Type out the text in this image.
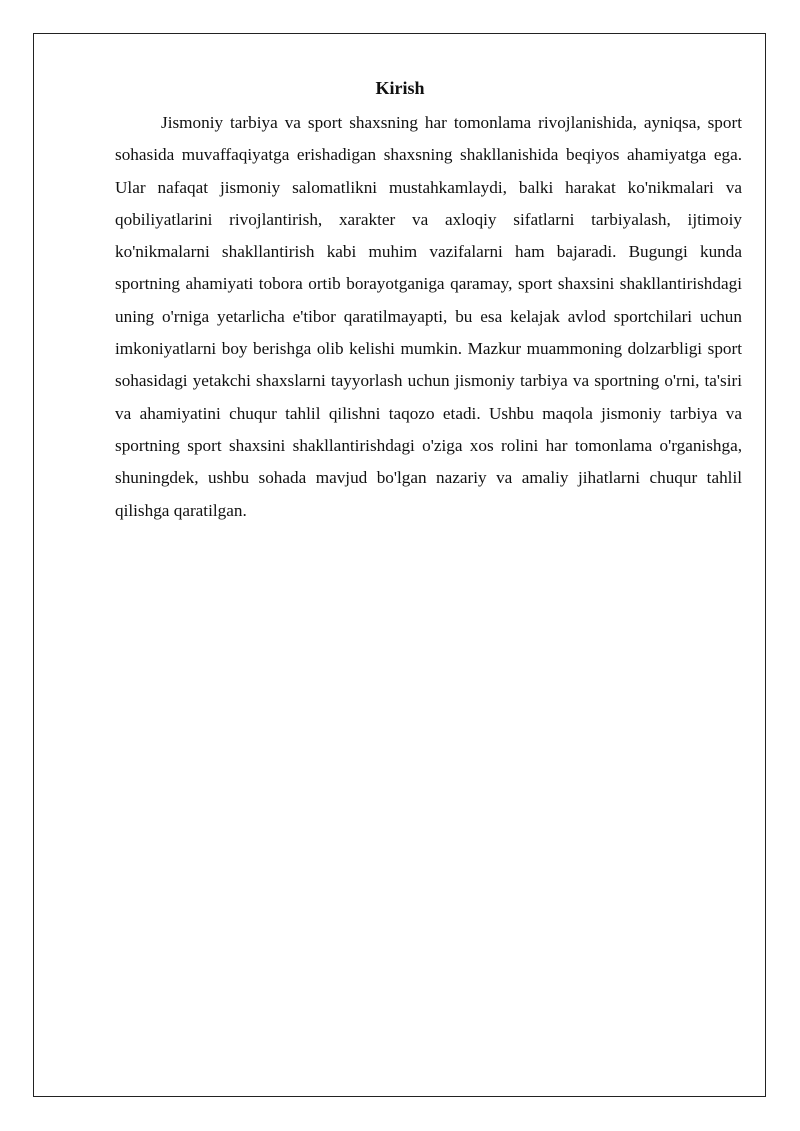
Kirish

Jismoniy tarbiya va sport shaxsning har tomonlama rivojlanishida, ayniqsa, sport sohasida muvaffaqiyatga erishadigan shaxsning shakllanishida beqiyos ahamiyatga ega. Ular nafaqat jismoniy salomatlikni mustahkamlaydi, balki harakat ko'nikmalari va qobiliyatlarini rivojlantirish, xarakter va axloqiy sifatlarni tarbiyalash, ijtimoiy ko'nikmalarni shakllantirish kabi muhim vazifalarni ham bajaradi. Bugungi kunda sportning ahamiyati tobora ortib borayotganiga qaramay, sport shaxsini shakllantirishdagi uning o'rniga yetarlicha e'tibor qaratilmayapti, bu esa kelajak avlod sportchilari uchun imkoniyatlarni boy berishga olib kelishi mumkin. Mazkur muammoning dolzarbligi sport sohasidagi yetakchi shaxslarni tayyorlash uchun jismoniy tarbiya va sportning o'rni, ta'siri va ahamiyatini chuqur tahlil qilishni taqozo etadi. Ushbu maqola jismoniy tarbiya va sportning sport shaxsini shakllantirishdagi o'ziga xos rolini har tomonlama o'rganishga, shuningdek, ushbu sohada mavjud bo'lgan nazariy va amaliy jihatlarni chuqur tahlil qilishga qaratilgan.
